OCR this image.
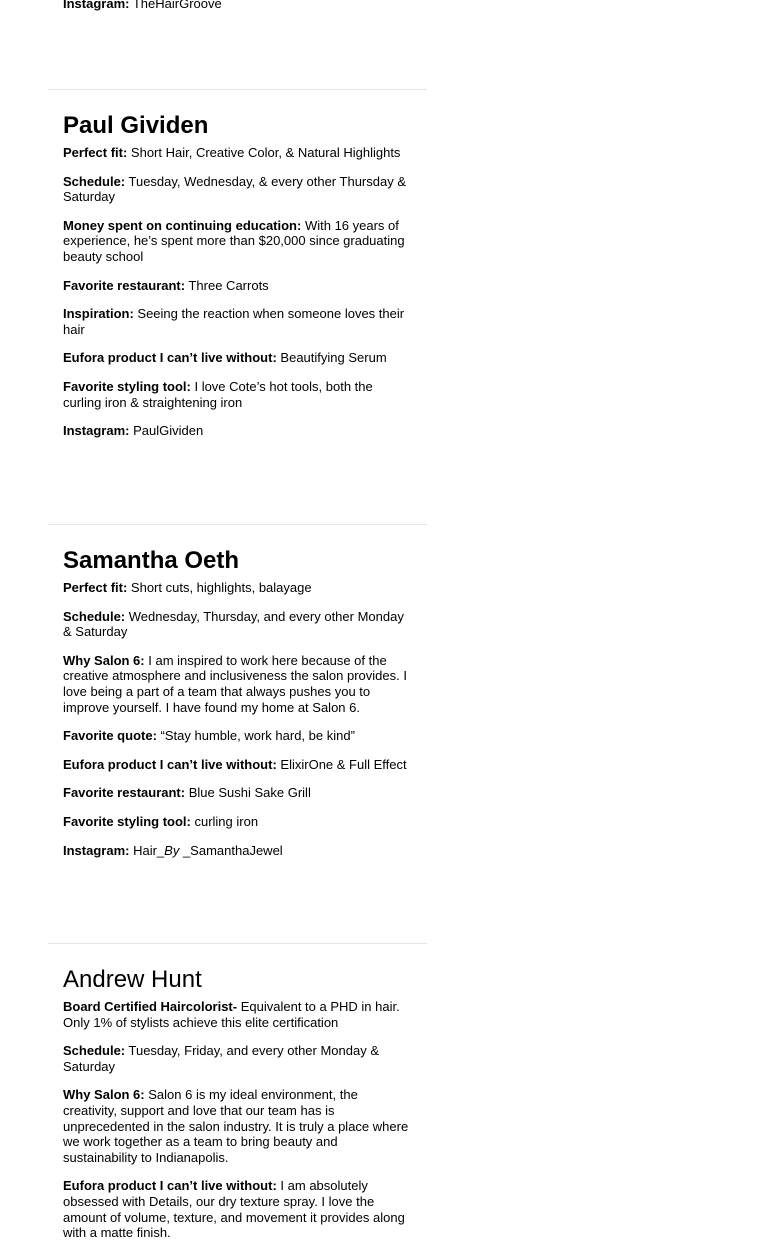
Instagram: TheHairGroove

Paul Gividen

Perfect fit: Short Hair, Creative Color, & Natural Highlights

Schedule: Tuesday, Wednesday, & every other Thursday & Saturday

Money spent on continuing education: With 16 years of experience, he’s spent more than $20,000 since graduating beauty school

Favorite restaurant: Three Carrots

Inspiration: Seeing the reaction when someone loves their hair

Eufora product I can’t live without: Beautifying Serum

Favorite styling tool: I love Cote’s hot tools, both the curling iron & straightening iron

Instagram: PaulGividen

Samantha Oeth

Perfect fit: Short cuts, highlights, balayage

Schedule: Wednesday, Thursday, and every other Monday & Saturday

Why Salon 6: I am inspired to work here because of the creative atmosphere and inclusiveness the salon provides. I love being a part of a team that always pushes you to improve yourself. I have found my home at Salon 6.

Favorite quote: “Stay humble, work hard, be kind”

Eufora product I can’t live without: ElixirOne & Full Effect

Favorite restaurant: Blue Sushi Sake Grill

Favorite styling tool: curling iron

Instagram: Hair_By _SamanthaJewel

Andrew Hunt

Board Certified Haircolorist- Equivalent to a PHD in hair. Only 1% of stylists achieve this elite certification

Schedule: Tuesday, Friday, and every other Monday & Saturday

Why Salon 6: Salon 6 is my ideal environment, the creativity, support and love that our team has is unprecedented in the salon industry. It is truly a place where we work together as a team to bring beauty and sustainability to Indianapolis.

Eufora product I can’t live without: I am absolutely obsessed with Details, our dry texture spray. I love the amount of volume, texture, and movement it provides along with a matte finish.
